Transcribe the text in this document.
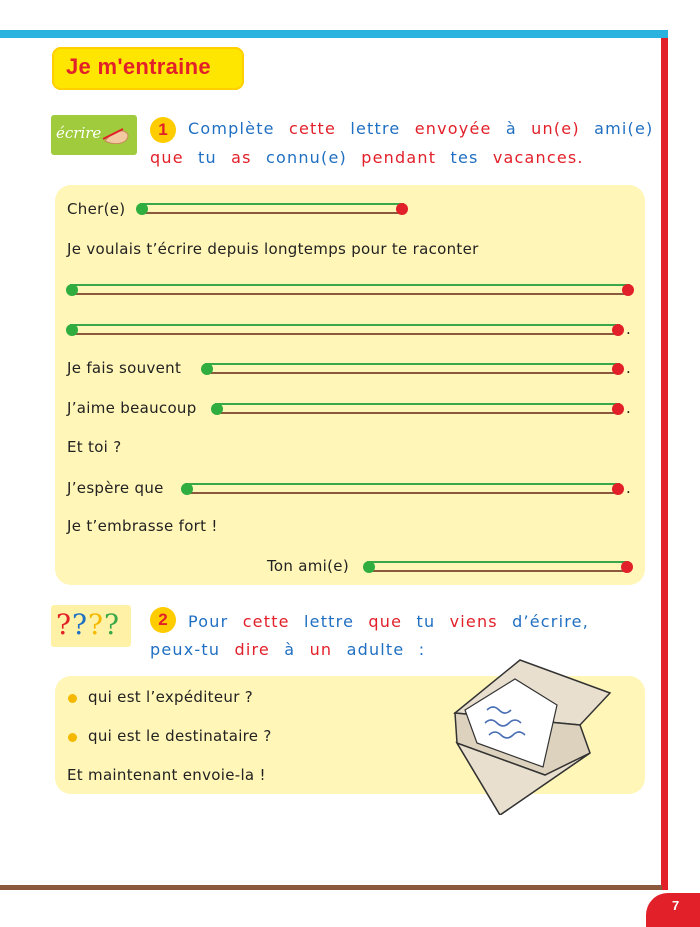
7
Je m'entraine
écrire	1	Complète cette lettre envoyée à un(e) ami(e)
que tu as connu(e) pendant tes vacances.
Cher(e)
Je voulais t’écrire depuis longtemps pour te raconter
.
Je fais souvent	.
J’aime beaucoup	.
Et toi ?
J’espère que	.
Je t’embrasse fort !
Ton ami(e)
????	2	Pour cette lettre que tu viens d’écrire,
peux-tu dire à un adulte :
qui est l’expéditeur ?
qui est le destinataire ?
Et maintenant envoie-la !
